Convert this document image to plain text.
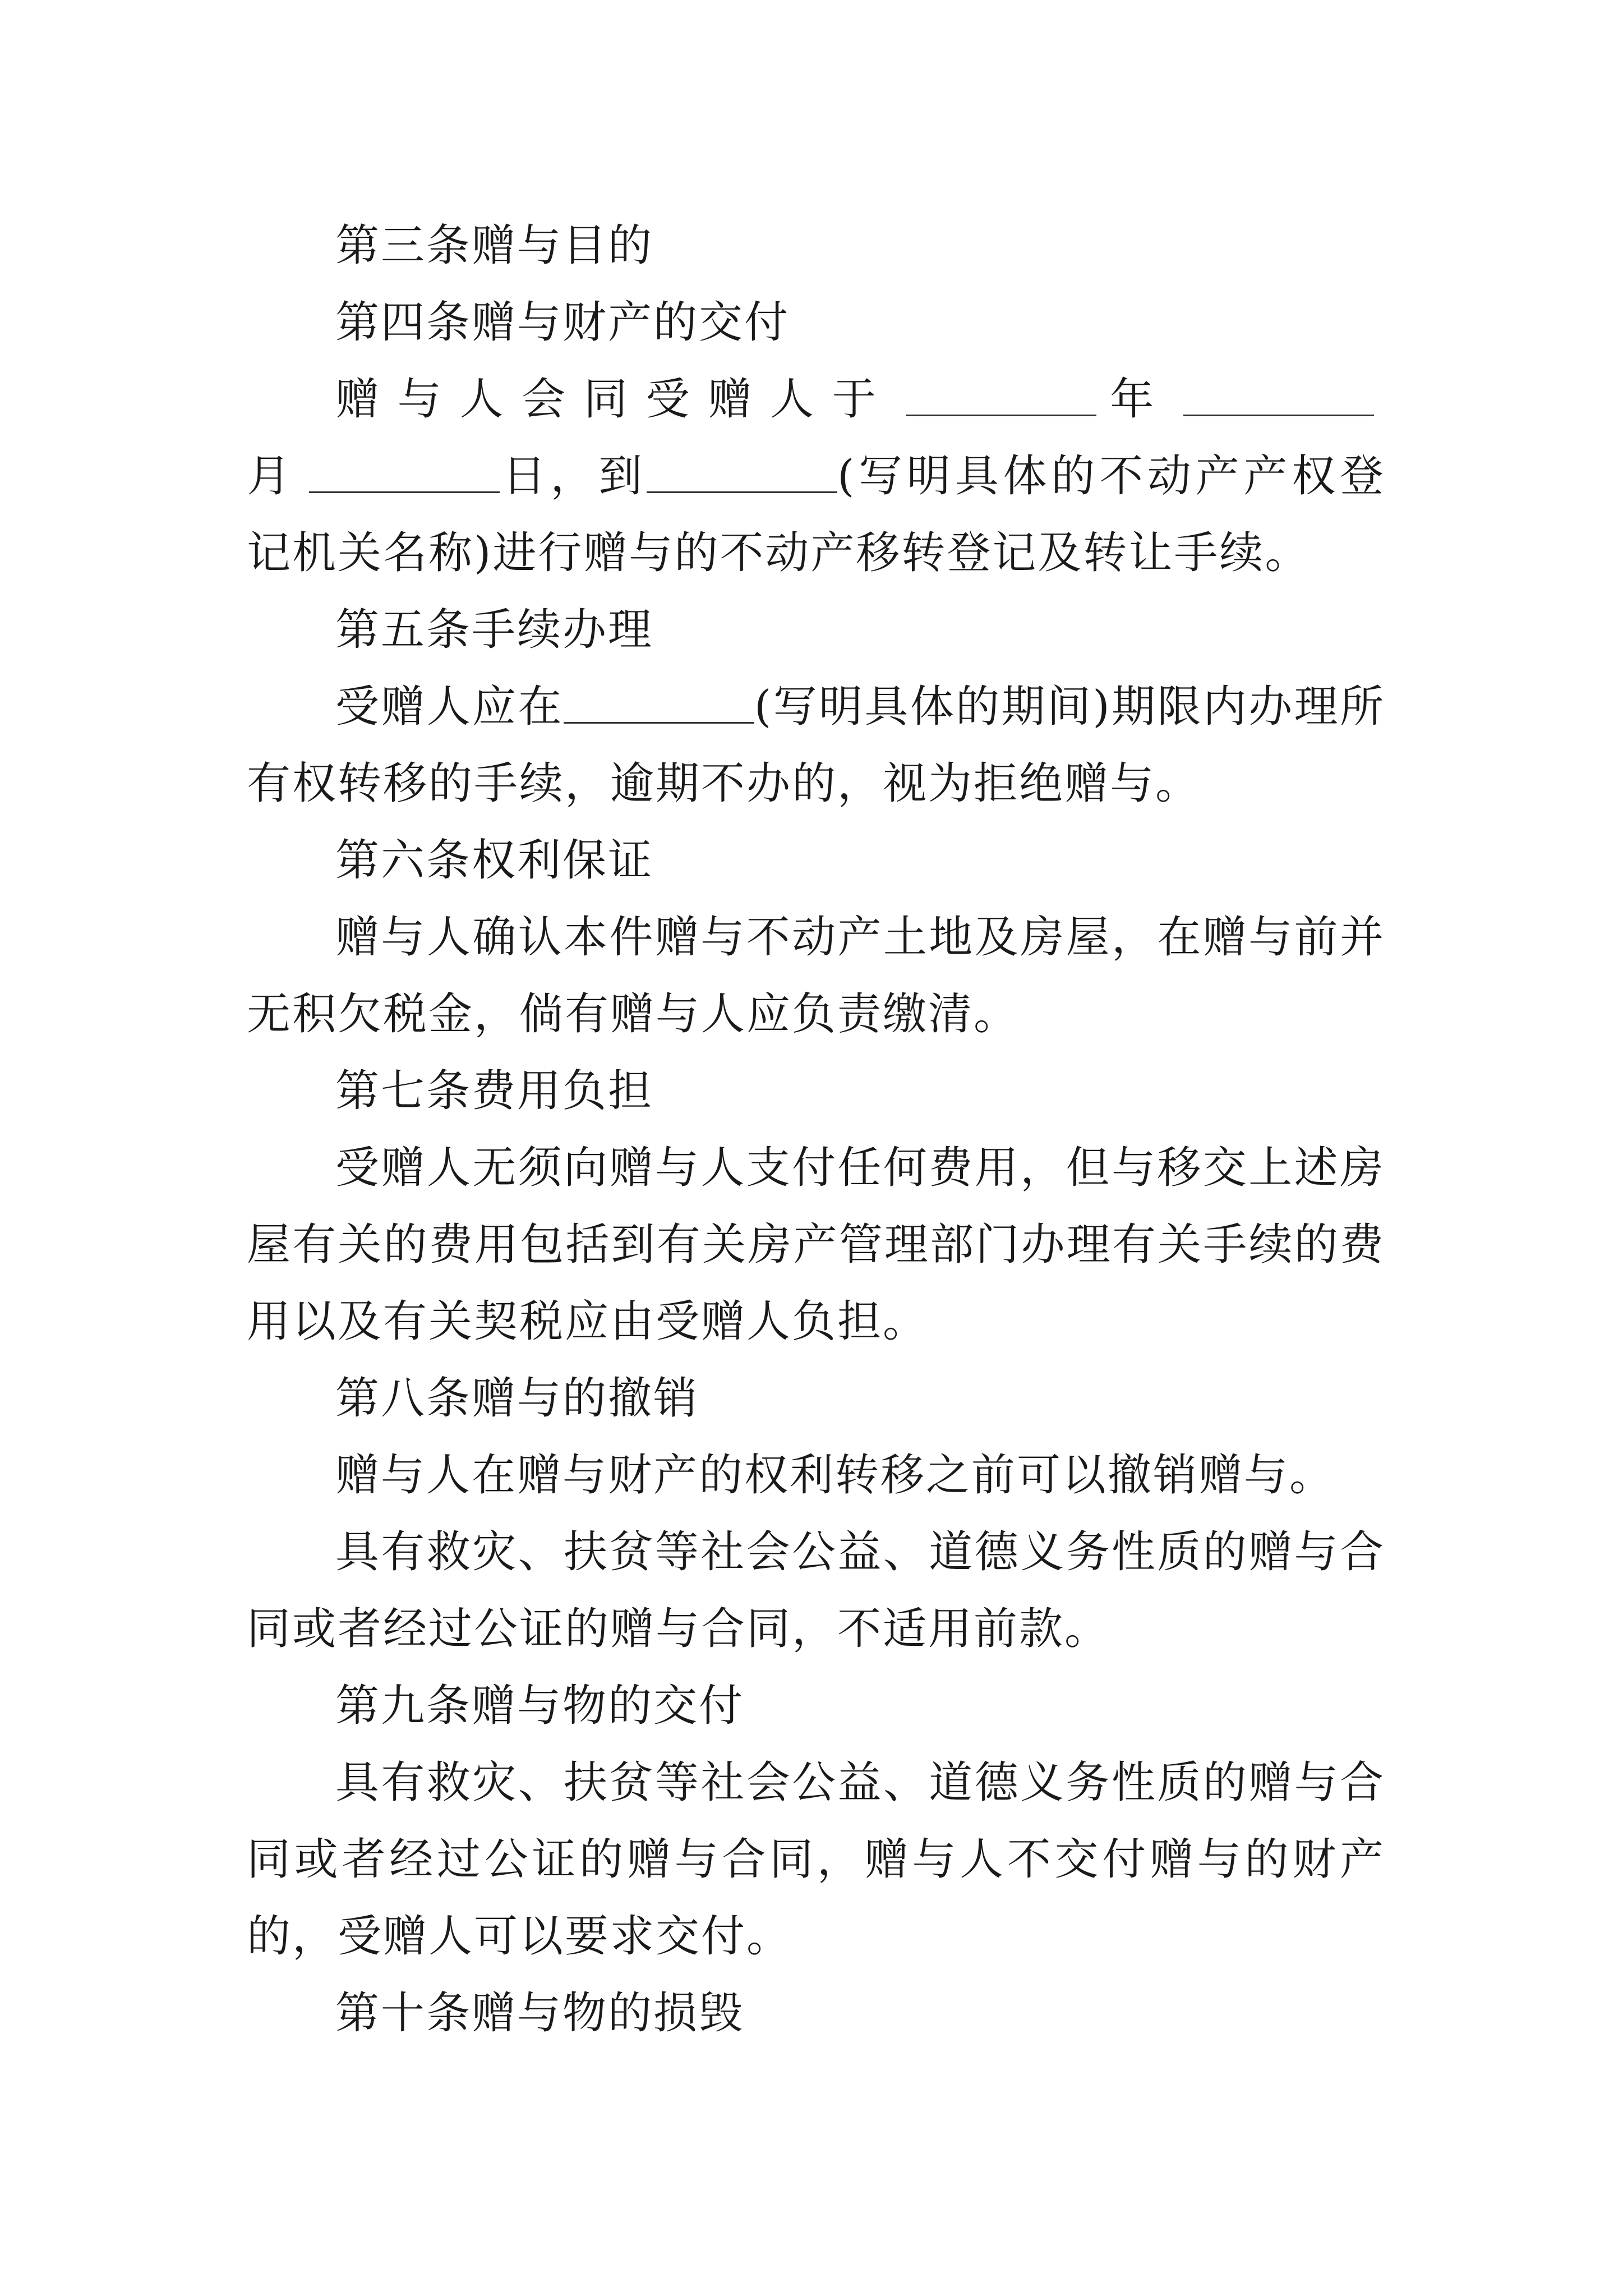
第三条赠与目的

第四条赠与财产的交付

赠与人会同受赠人于	年月	日，到	(写明具体的不动产产权登记机关名称)进行赠与的不动产移转登记及转让手续。

第五条手续办理

受赠人应在	(写明具体的期间)期限内办理所有权转移的手续，逾期不办的，视为拒绝赠与。

第六条权利保证

赠与人确认本件赠与不动产土地及房屋，在赠与前并无积欠税金，倘有赠与人应负责缴清。

第七条费用负担

受赠人无须向赠与人支付任何费用，但与移交上述房屋有关的费用包括到有关房产管理部门办理有关手续的费用以及有关契税应由受赠人负担。

第八条赠与的撤销

赠与人在赠与财产的权利转移之前可以撤销赠与。

具有救灾、扶贫等社会公益、道德义务性质的赠与合同或者经过公证的赠与合同，不适用前款。

第九条赠与物的交付

具有救灾、扶贫等社会公益、道德义务性质的赠与合同或者经过公证的赠与合同，赠与人不交付赠与的财产的，受赠人可以要求交付。

第十条赠与物的损毁
